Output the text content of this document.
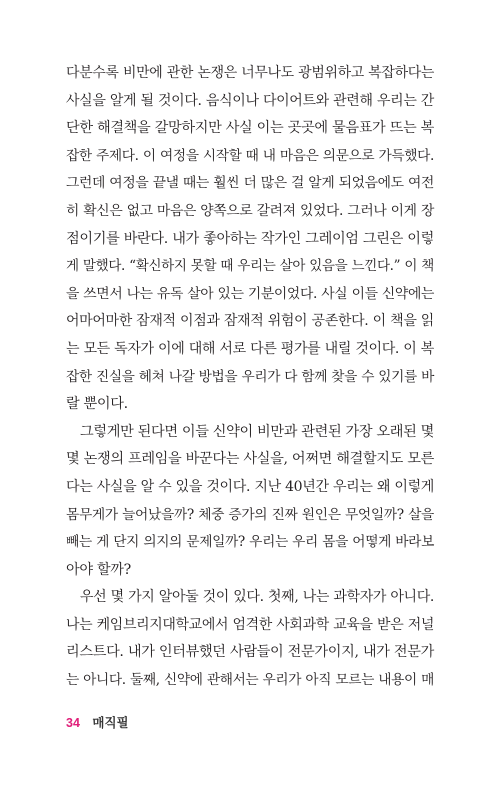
다분수록 비만에 관한 논쟁은 너무나도 광범위하고 복잡하다는
사실을 알게 될 것이다. 음식이나 다이어트와 관련해 우리는 간
단한 해결책을 갈망하지만 사실 이는 곳곳에 물음표가 뜨는 복
잡한 주제다. 이 여정을 시작할 때 내 마음은 의문으로 가득했다.
그런데 여정을 끝낼 때는 훨씬 더 많은 걸 알게 되었음에도 여전
히 확신은 없고 마음은 양쪽으로 갈려져 있었다. 그러나 이게 장
점이기를 바란다. 내가 좋아하는 작가인 그레이엄 그린은 이렇
게 말했다. “확신하지 못할 때 우리는 살아 있음을 느낀다.” 이 책
을 쓰면서 나는 유독 살아 있는 기분이었다. 사실 이들 신약에는
어마어마한 잠재적 이점과 잠재적 위험이 공존한다. 이 책을 읽
는 모든 독자가 이에 대해 서로 다른 평가를 내릴 것이다. 이 복
잡한 진실을 헤쳐 나갈 방법을 우리가 다 함께 찾을 수 있기를 바
랄 뿐이다.
그렇게만 된다면 이들 신약이 비만과 관련된 가장 오래된 몇
몇 논쟁의 프레임을 바꾼다는 사실을, 어쩌면 해결할지도 모른
다는 사실을 알 수 있을 것이다. 지난 40년간 우리는 왜 이렇게
몸무게가 늘어났을까? 체중 증가의 진짜 원인은 무엇일까? 살을
빼는 게 단지 의지의 문제일까? 우리는 우리 몸을 어떻게 바라보
아야 할까?
우선 몇 가지 알아둘 것이 있다. 첫째, 나는 과학자가 아니다.
나는 케임브리지대학교에서 엄격한 사회과학 교육을 받은 저널
리스트다. 내가 인터뷰했던 사람들이 전문가이지, 내가 전문가
는 아니다. 둘째, 신약에 관해서는 우리가 아직 모르는 내용이 매
34 매직필
